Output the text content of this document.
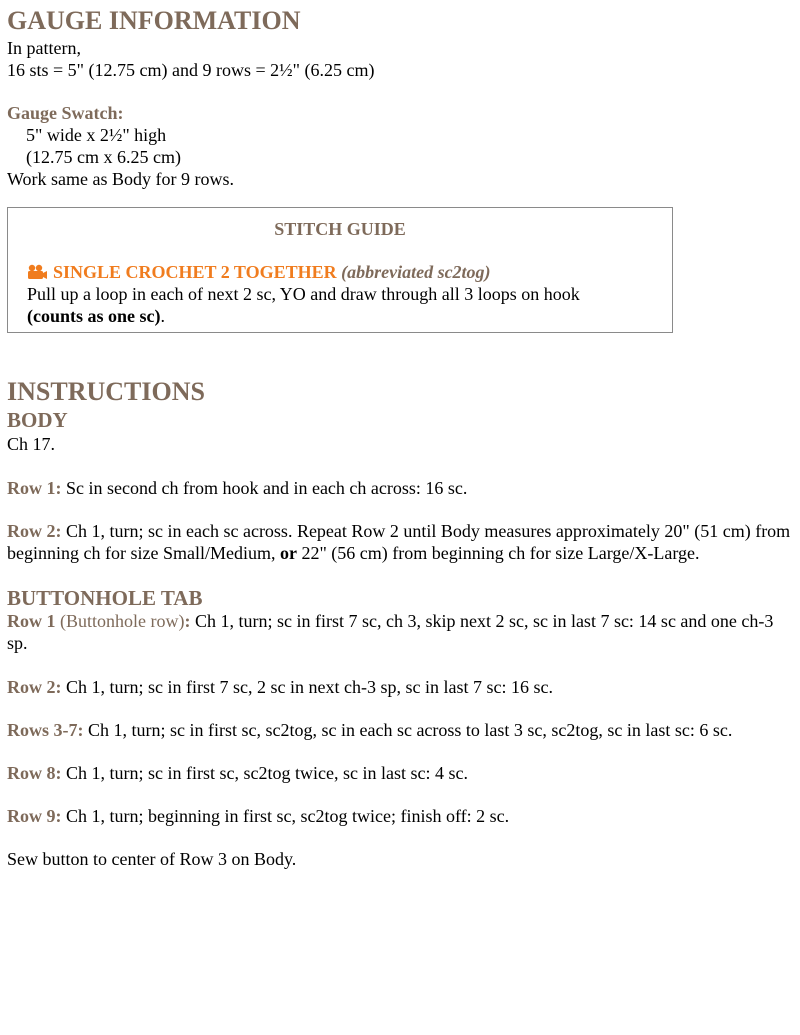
GAUGE INFORMATION
In pattern,
16 sts = 5" (12.75 cm) and 9 rows = 2½" (6.25 cm)
Gauge Swatch:
5" wide x 2½" high
(12.75 cm x 6.25 cm)
Work same as Body for 9 rows.
STITCH GUIDE
SINGLE CROCHET 2 TOGETHER (abbreviated sc2tog)
Pull up a loop in each of next 2 sc, YO and draw through all 3 loops on hook
(counts as one sc).
INSTRUCTIONS
BODY
Ch 17.
Row 1: Sc in second ch from hook and in each ch across: 16 sc.
Row 2: Ch 1, turn; sc in each sc across. Repeat Row 2 until Body measures approximately 20" (51 cm) from beginning ch for size Small/Medium, or 22" (56 cm) from beginning ch for size Large/X-Large.
BUTTONHOLE TAB
Row 1 (Buttonhole row): Ch 1, turn; sc in first 7 sc, ch 3, skip next 2 sc, sc in last 7 sc: 14 sc and one ch-3 sp.
Row 2: Ch 1, turn; sc in first 7 sc, 2 sc in next ch-3 sp, sc in last 7 sc: 16 sc.
Rows 3-7: Ch 1, turn; sc in first sc, sc2tog, sc in each sc across to last 3 sc, sc2tog, sc in last sc: 6 sc.
Row 8: Ch 1, turn; sc in first sc, sc2tog twice, sc in last sc: 4 sc.
Row 9: Ch 1, turn; beginning in first sc, sc2tog twice; finish off: 2 sc.
Sew button to center of Row 3 on Body.
